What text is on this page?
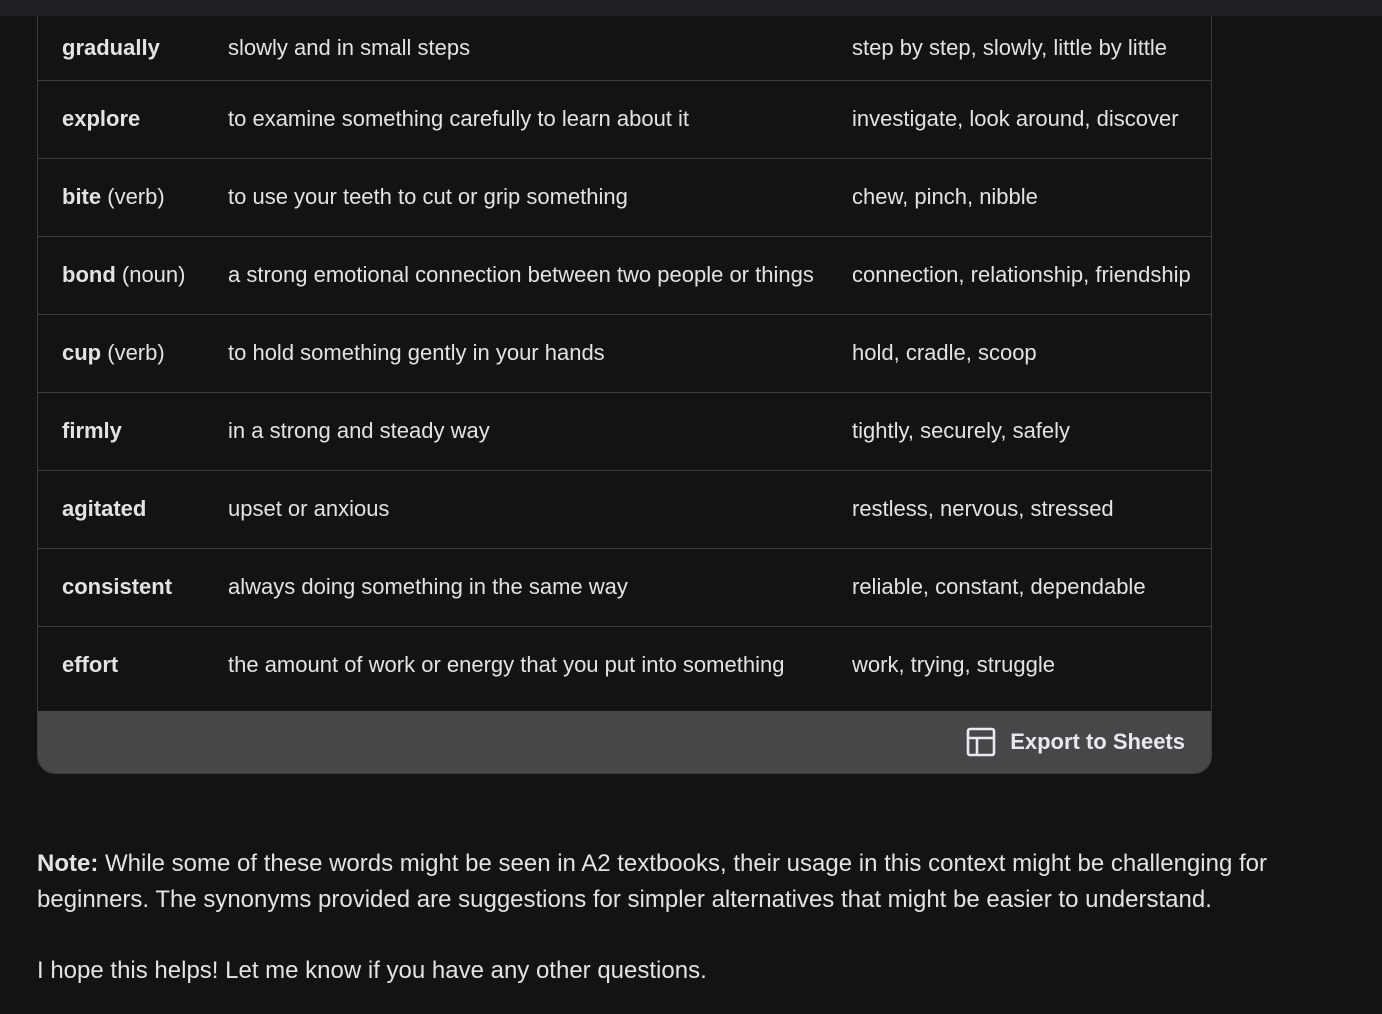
gradually	slowly and in small steps	step by step, slowly, little by little
explore	to examine something carefully to learn about it	investigate, look around, discover
bite (verb)	to use your teeth to cut or grip something	chew, pinch, nibble
bond (noun)	a strong emotional connection between two people or things	connection, relationship, friendship
cup (verb)	to hold something gently in your hands	hold, cradle, scoop
firmly	in a strong and steady way	tightly, securely, safely
agitated	upset or anxious	restless, nervous, stressed
consistent	always doing something in the same way	reliable, constant, dependable
effort	the amount of work or energy that you put into something	work, trying, struggle
Export to Sheets

Note: While some of these words might be seen in A2 textbooks, their usage in this context might be challenging for beginners. The synonyms provided are suggestions for simpler alternatives that might be easier to understand.

I hope this helps! Let me know if you have any other questions.
